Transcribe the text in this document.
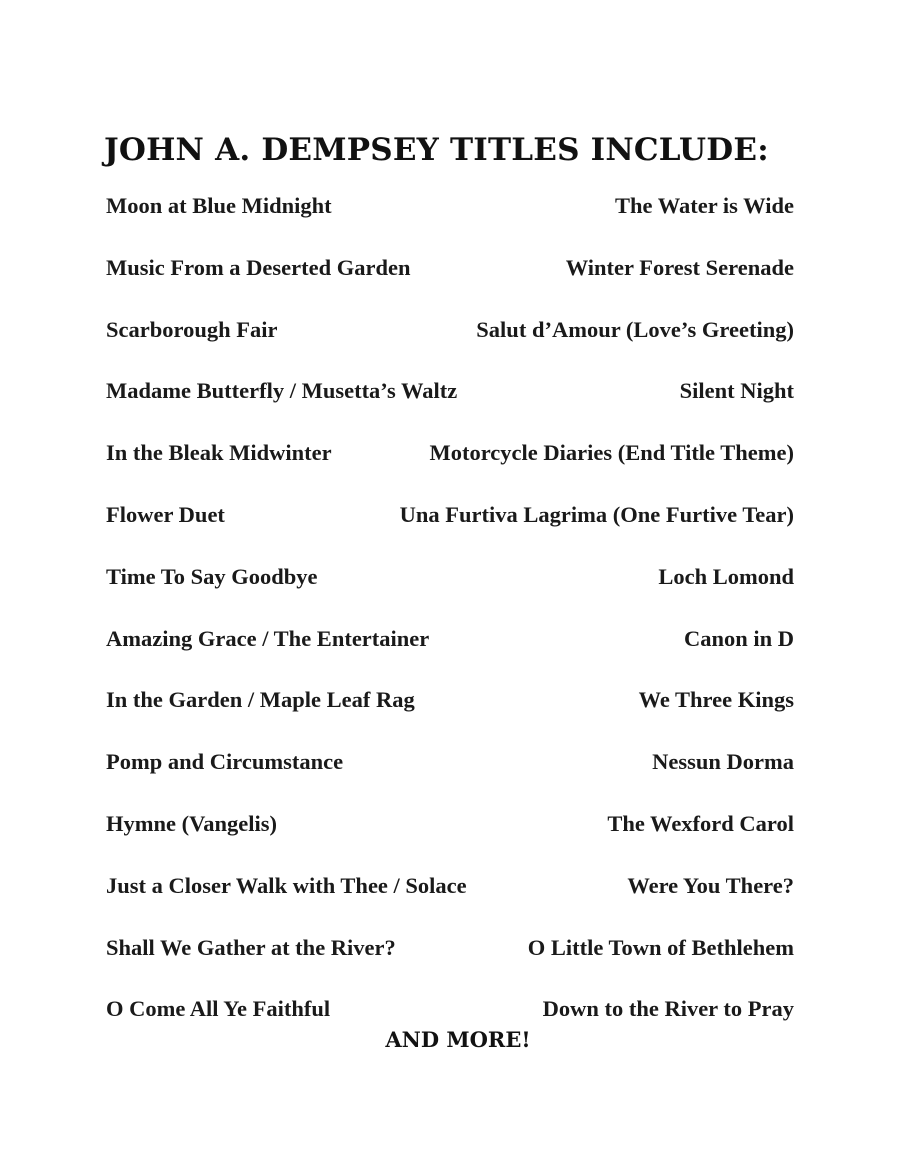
JOHN A. DEMPSEY TITLES INCLUDE:
Moon at Blue Midnight	The Water is Wide
Music From a Deserted Garden	Winter Forest Serenade
Scarborough Fair	Salut d’Amour (Love’s Greeting)
Madame Butterfly / Musetta’s Waltz	Silent Night
In the Bleak Midwinter	Motorcycle Diaries (End Title Theme)
Flower Duet	Una Furtiva Lagrima (One Furtive Tear)
Time To Say Goodbye	Loch Lomond
Amazing Grace / The Entertainer	Canon in D
In the Garden / Maple Leaf Rag	We Three Kings
Pomp and Circumstance	Nessun Dorma
Hymne (Vangelis)	The Wexford Carol
Just a Closer Walk with Thee / Solace	Were You There?
Shall We Gather at the River?	O Little Town of Bethlehem
O Come All Ye Faithful	Down to the River to Pray
AND MORE!
